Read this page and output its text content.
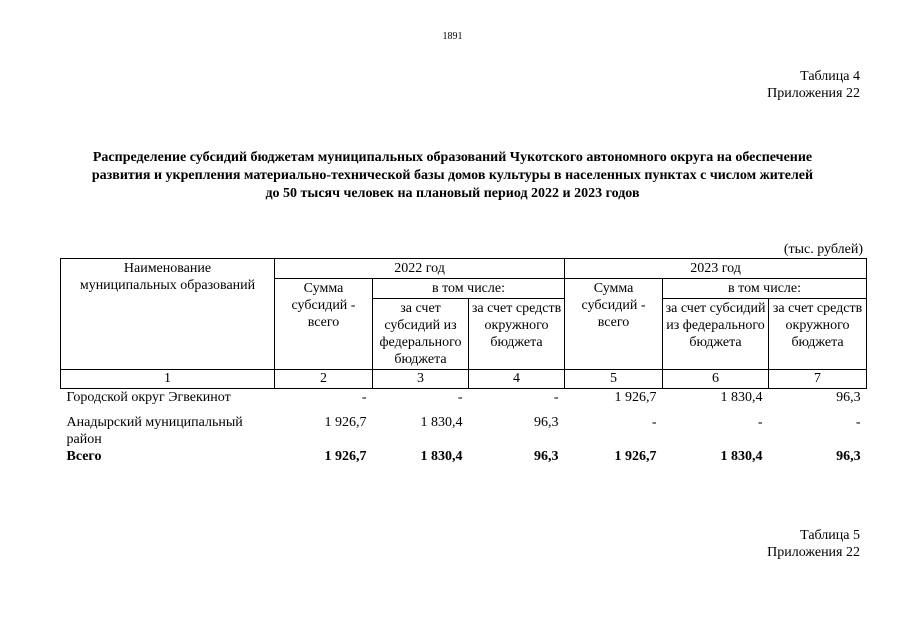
1891
Таблица 4
Приложения 22
Распределение субсидий бюджетам муниципальных образований Чукотского автономного округа на обеспечение
развития и укрепления материально-технической базы домов культуры в населенных пунктах с числом жителей
до 50 тысяч человек на плановый период 2022 и 2023 годов
(тыс. рублей)
Наименование
муниципальных образований	2022 год			2023 год		
	Сумма субсидий - всего	в том числе:		Сумма субсидий - всего	в том числе:	
		за счет субсидий из федерального бюджета	за счет средств окружного бюджета		за счет субсидий из федерального бюджета	за счет средств окружного бюджета
1	2	3	4	5	6	7
Городской округ Эгвекинот	-	-	-	1 926,7	1 830,4	96,3

Анадырский муниципальный район	1 926,7	1 830,4	96,3	-	-	-
Всего	1 926,7	1 830,4	96,3	1 926,7	1 830,4	96,3
Таблица 5
Приложения 22
